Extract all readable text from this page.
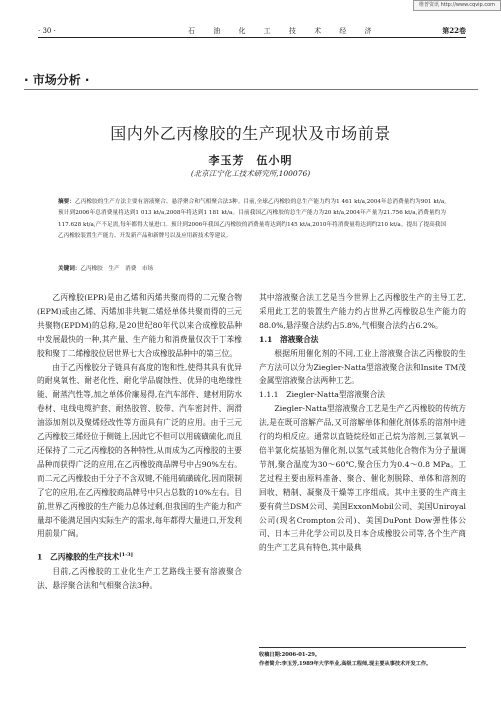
维普资讯 http://www.cqvip.com
· 30 ·	石 油 化 工 技 术 经 济	第22卷
· 市场分析 ·
国内外乙丙橡胶的生产现状及市场前景
李玉芳　伍小明
(北京江宁化工技术研究所,100076)
摘要：乙丙橡胶的生产方法主要有溶液聚合、悬浮聚合和气相聚合法3种。目前,全球乙丙橡胶的总生产能力约为1 461 kt/a,2004年总消费量约为901 kt/a,预计到2006年总消费量将达到1 013 kt/a,2008年将达到1 181 kt/a。目前我国乙丙橡胶的总生产能力为20 kt/a,2004年产量为21.756 kt/a,消费量约为117.628 kt/a,产不足需,每年都得大量进口。预计到2006年我国乙丙橡胶的消费量将达到约145 kt/a,2010年将消费量将达到约210 kt/a。提出了提高我国乙丙橡胶装置生产能力、开发新产品和新牌号以及应用新技术等建议。
关键词：乙丙橡胶　生产　消费　市场

乙丙橡胶(EPR)是由乙烯和丙烯共聚而得的二元聚合物(EPM)或由乙烯、丙烯加非共轭二烯烃单体共聚而得的三元共聚物(EPDM)的总称,是20世纪80年代以来合成橡胶品种中发展最快的一种,其产量、生产能力和消费量仅次于丁苯橡胶和聚丁二烯橡胶位居世界七大合成橡胶品种中的第三位。

由于乙丙橡胶分子链具有高度的饱和性,使得其具有优异的耐臭氧性、耐老化性、耐化学品腐蚀性、优异的电绝缘性能、耐蒸汽性等,加之单体价廉易得,在汽车部件、建材用防水卷材、电线电缆护套、耐热胶管、胶带、汽车密封件、润滑油添加剂以及聚烯烃改性等方面具有广泛的应用。由于三元乙丙橡胶三烯烃位于侧链上,因此它不但可以用硫磺硫化,而且还保持了二元乙丙橡胶的各种特性,从而成为乙丙橡胶的主要品种而获得广泛的应用,在乙丙橡胶商品牌号中占90%左右。而二元乙丙橡胶由于分子不含双键,不能用硫磺硫化,因而限制了它的应用,在乙丙橡胶商品牌号中只占总数的10%左右。目前,世界乙丙橡胶的生产能力总体过剩,但我国的生产能力和产量却不能满足国内实际生产的需求,每年都得大量进口,开发利用前景广阔。

1　乙丙橡胶的生产技术[1-3]

目前,乙丙橡胶的工业化生产工艺路线主要有溶液聚合法、悬浮聚合法和气相聚合法3种。

其中溶液聚合法工艺是当今世界上乙丙橡胶生产的主导工艺,采用此工艺的装置生产能力约占世界乙丙橡胶总生产能力的88.0%,悬浮聚合法约占5.8%,气相聚合法约占6.2%。

1.1　溶液聚合法

根据所用催化剂的不同,工业上溶液聚合法乙丙橡胶的生产方法可以分为Ziegler-Natta型溶液聚合法和Insite TM茂金属型溶液聚合法两种工艺。

1.1.1　Ziegler-Natta型溶液聚合法

Ziegler-Natta型溶液聚合工艺是生产乙丙橡胶的传统方法,是在既可溶解产品,又可溶解单体和催化剂体系的溶剂中进行的均相反应。通常以直链烷烃如正己烷为溶剂,三氯氧钒－倍半氯化烷基铝为催化剂,以氢气或其他化合物作为分子量调节剂,聚合温度为30～60℃,聚合压力为0.4～0.8 MPa。工艺过程主要由原料准备、聚合、催化剂脱除、单体和溶剂的回收、精制、凝聚及干燥等工序组成。其中主要的生产商主要有荷兰DSM公司、美国ExxonMobil公司、美国Uniroyal公司(现名Crompton公司)、美国DuPont Dow弹性体公司、日本三井化学公司以及日本合成橡胶公司等,各个生产商的生产工艺具有特色,其中最典

收稿日期:2006-01-29。
作者简介:李玉芳,1989年大学毕业,高级工程师,现主要从事技术开发工作。
